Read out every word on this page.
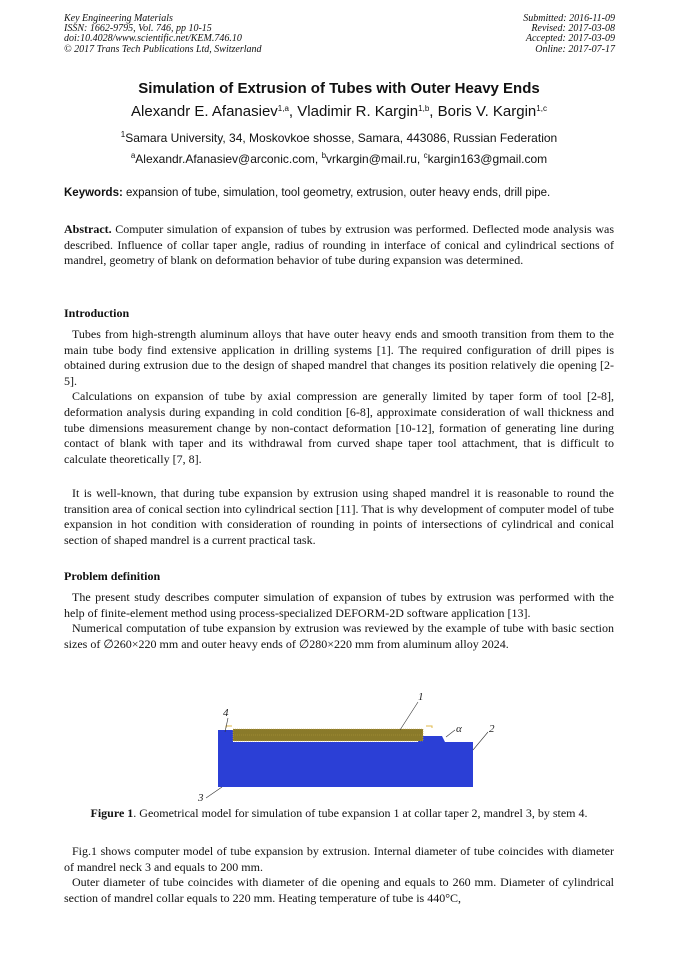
Key Engineering Materials
ISSN: 1662-9795, Vol. 746, pp 10-15
doi:10.4028/www.scientific.net/KEM.746.10
© 2017 Trans Tech Publications Ltd, Switzerland
Submitted: 2016-11-09
Revised: 2017-03-08
Accepted: 2017-03-09
Online: 2017-07-17
Simulation of Extrusion of Tubes with Outer Heavy Ends
Alexandr E. Afanasiev$^{1,a}$, Vladimir R. Kargin$^{1,b}$, Boris V. Kargin$^{1,c}$
$^1$Samara University, 34, Moskovkoe shosse, Samara, 443086, Russian Federation
$^a$Alexandr.Afanasiev@arconic.com, $^b$vrkargin@mail.ru, $^c$kargin163@gmail.com
Keywords: expansion of tube, simulation, tool geometry, extrusion, outer heavy ends, drill pipe.

Abstract. Computer simulation of expansion of tubes by extrusion was performed. Deflected mode analysis was described. Influence of collar taper angle, radius of rounding in interface of conical and cylindrical sections of mandrel, geometry of blank on deformation behavior of tube during expansion was determined.

Introduction

Tubes from high-strength aluminum alloys that have outer heavy ends and smooth transition from them to the main tube body find extensive application in drilling systems [1]. The required configuration of drill pipes is obtained during extrusion due to the design of shaped mandrel that changes its position relatively die opening [2-5].

Calculations on expansion of tube by axial compression are generally limited by taper form of tool [2-8], deformation analysis during expanding in cold condition [6-8], approximate consideration of wall thickness and tube dimensions measurement change by non-contact deformation [10-12], formation of generating line during contact of blank with taper and its withdrawal from curved shape taper tool attachment, that is difficult to calculate theoretically [7, 8].

It is well-known, that during tube expansion by extrusion using shaped mandrel it is reasonable to round the transition area of conical section into cylindrical section [11]. That is why development of computer model of tube expansion in hot condition with consideration of rounding in points of intersections of cylindrical and conical section of shaped mandrel is a current practical task.

Problem definition

The present study describes computer simulation of expansion of tubes by extrusion was performed with the help of finite-element method using process-specialized DEFORM-2D software application [13].

Numerical computation of tube expansion by extrusion was reviewed by the example of tube with basic section sizes of ∅260×220 mm and outer heavy ends of ∅280×220 mm from aluminum alloy 2024.

1
2
3
4
α
Figure 1. Geometrical model for simulation of tube expansion 1 at collar taper 2, mandrel 3, by stem 4.

Fig.1 shows computer model of tube expansion by extrusion. Internal diameter of tube coincides with diameter of mandrel neck 3 and equals to 200 mm.

Outer diameter of tube coincides with diameter of die opening and equals to 260 mm. Diameter of cylindrical section of mandrel collar equals to 220 mm. Heating temperature of tube is 440°C,
